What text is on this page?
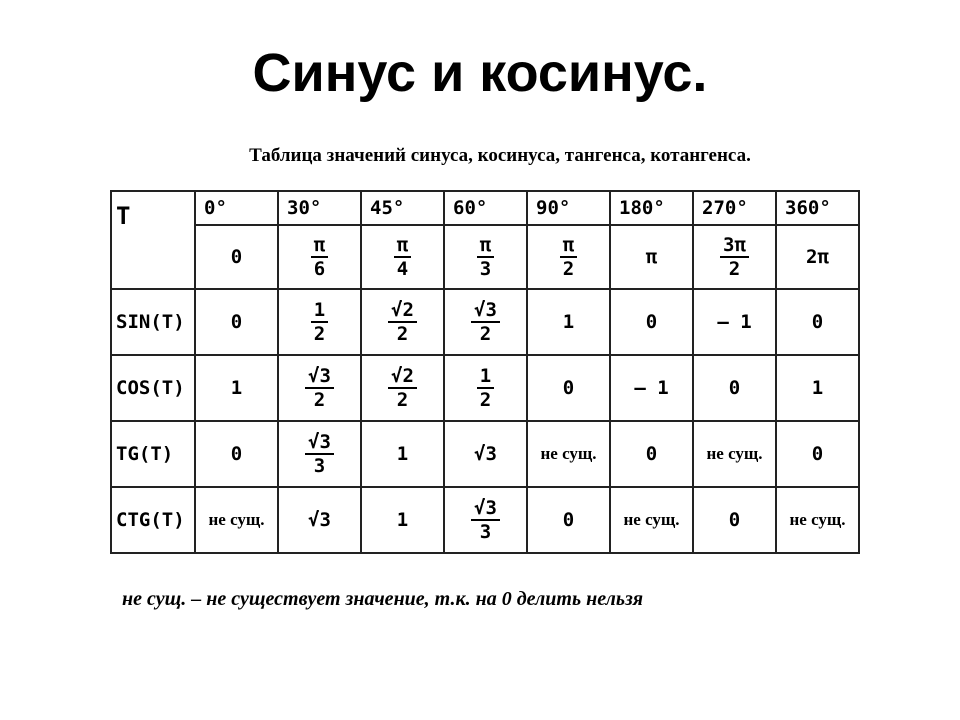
Синус и косинус.
Таблица значений синуса, косинуса, тангенса, котангенса.
T	0°	30°	45°	60°	90°	180°	270°	360°
	0	$\frac{\pi}{6}$	$\frac{\pi}{4}$	$\frac{\pi}{3}$	$\frac{\pi}{2}$	π	$\frac{3\pi}{2}$	2π
SIN(T)	0	$\frac{1}{2}$	$\frac{√2}{2}$	$\frac{√3}{2}$	1	0	– 1	0
COS(T)	1	$\frac{√3}{2}$	$\frac{√2}{2}$	$\frac{1}{2}$	0	– 1	0	1
TG(T)	0	$\frac{√3}{3}$	1	√3	не сущ.	0	не сущ.	0
CTG(T)	не сущ.	√3	1	$\frac{√3}{3}$	0	не сущ.	0	не сущ.
не сущ. – не существует значение, т.к. на 0 делить нельзя
